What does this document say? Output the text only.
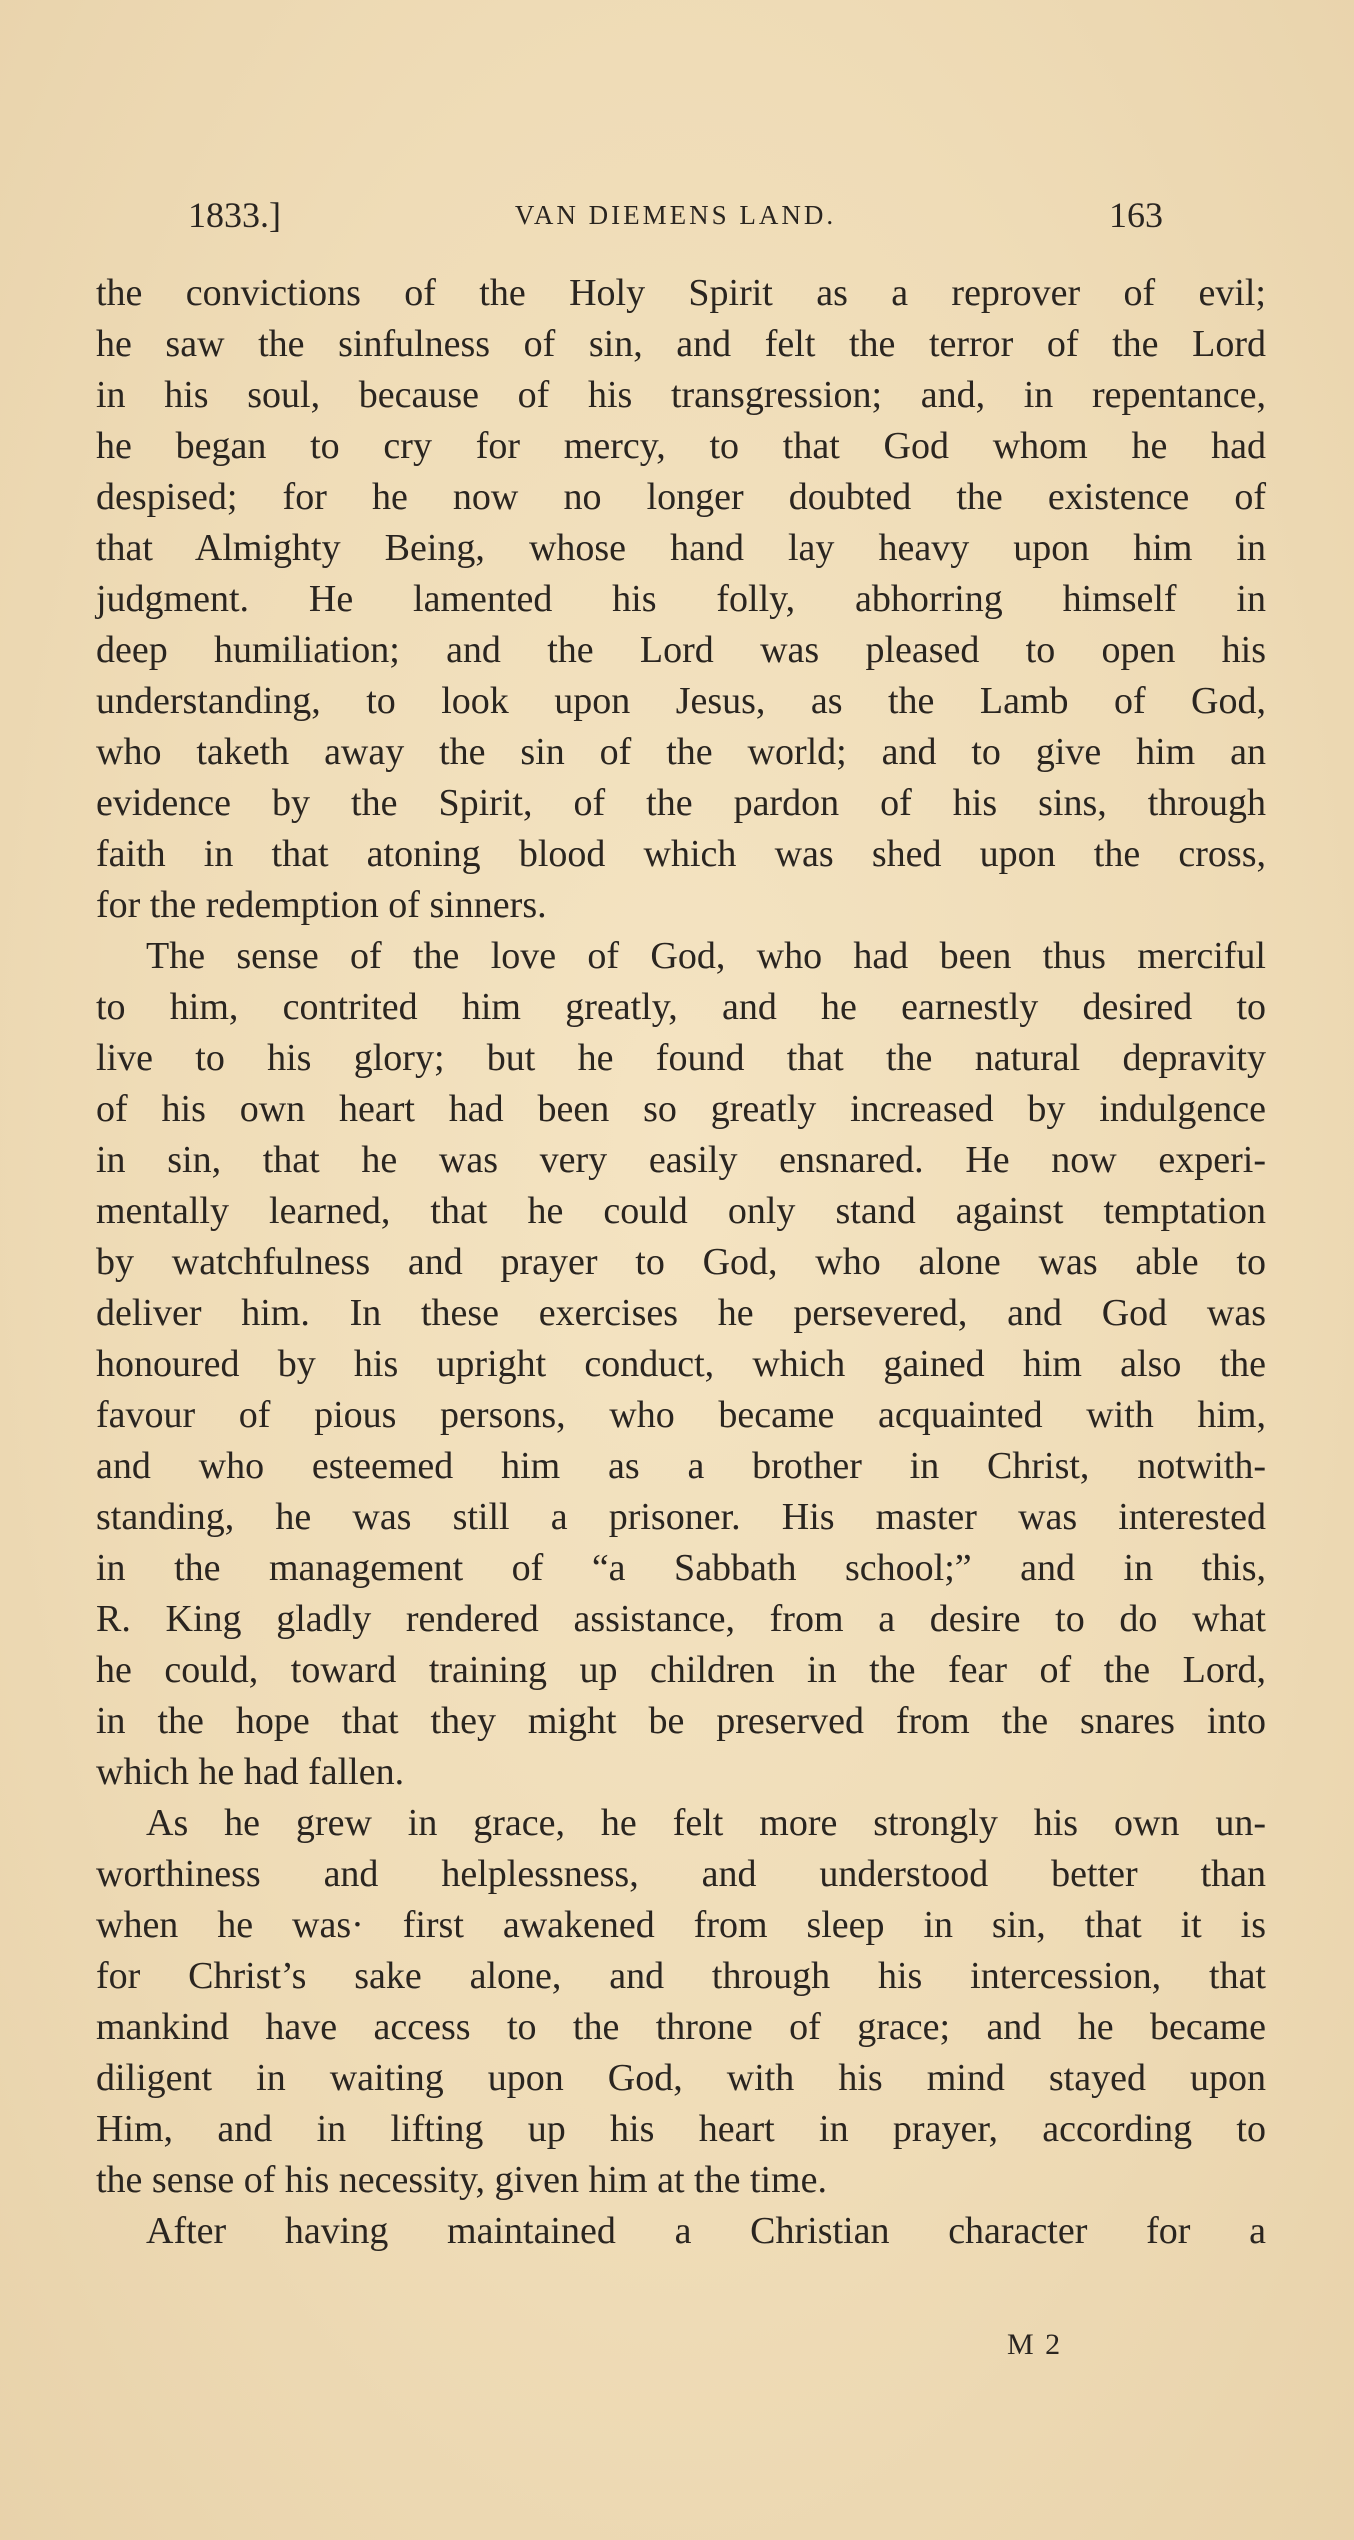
1833.]	VAN DIEMENS LAND.	163
the convictions of the Holy Spirit as a reprover of evil;
he saw the sinfulness of sin, and felt the terror of the Lord
in his soul, because of his transgression; and, in repentance,
he began to cry for mercy, to that God whom he had
despised; for he now no longer doubted the existence of
that Almighty Being, whose hand lay heavy upon him in
judgment. He lamented his folly, abhorring himself in
deep humiliation; and the Lord was pleased to open his
understanding, to look upon Jesus, as the Lamb of God,
who taketh away the sin of the world; and to give him an
evidence by the Spirit, of the pardon of his sins, through
faith in that atoning blood which was shed upon the cross,
for the redemption of sinners.
The sense of the love of God, who had been thus merciful
to him, contrited him greatly, and he earnestly desired to
live to his glory; but he found that the natural depravity
of his own heart had been so greatly increased by indulgence
in sin, that he was very easily ensnared. He now experi-
mentally learned, that he could only stand against temptation
by watchfulness and prayer to God, who alone was able to
deliver him. In these exercises he persevered, and God was
honoured by his upright conduct, which gained him also the
favour of pious persons, who became acquainted with him,
and who esteemed him as a brother in Christ, notwith-
standing, he was still a prisoner. His master was interested
in the management of “a Sabbath school;” and in this,
R. King gladly rendered assistance, from a desire to do what
he could, toward training up children in the fear of the Lord,
in the hope that they might be preserved from the snares into
which he had fallen.
As he grew in grace, he felt more strongly his own un-
worthiness and helplessness, and understood better than
when he was· first awakened from sleep in sin, that it is
for Christ’s sake alone, and through his intercession, that
mankind have access to the throne of grace; and he became
diligent in waiting upon God, with his mind stayed upon
Him, and in lifting up his heart in prayer, according to
the sense of his necessity, given him at the time.
After having maintained a Christian character for a
M 2
